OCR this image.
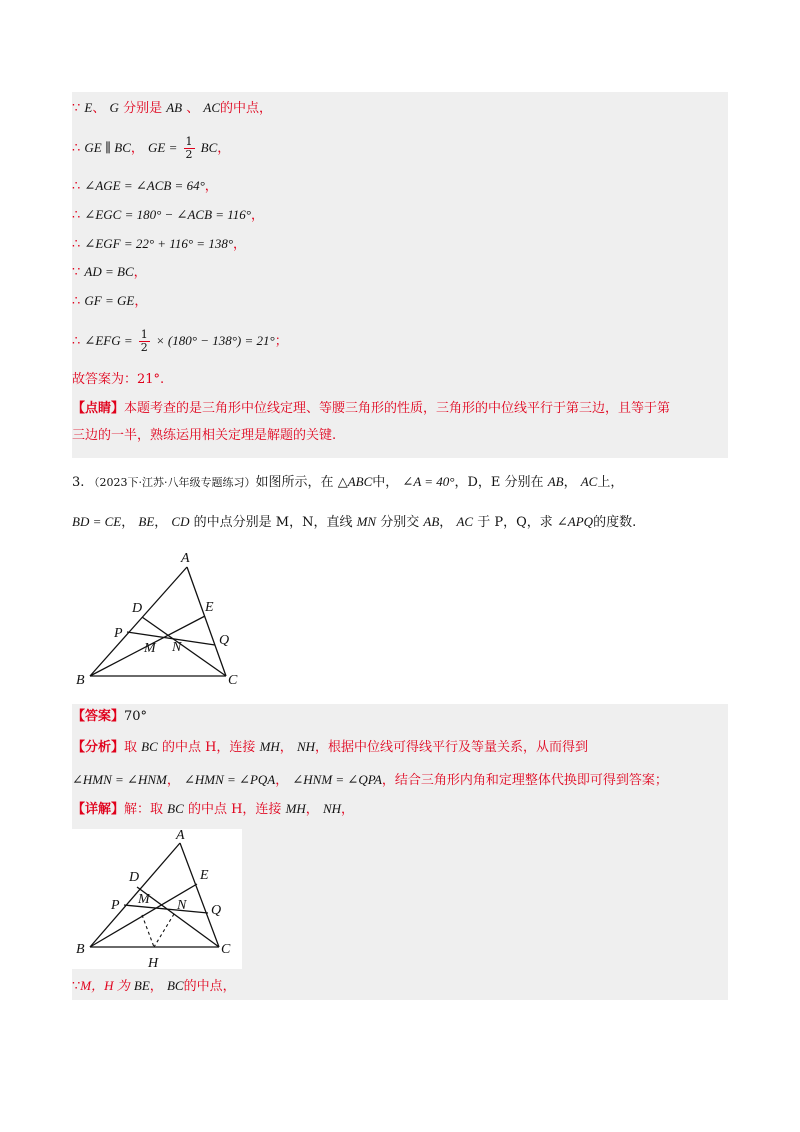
∵ E、 G 分别是 AB 、 AC的中点，
∴ GE ∥ BC， GE = $\frac{1}{2}$ BC，
∴ ∠AGE = ∠ACB = 64°，
∴ ∠EGC = 180° − ∠ACB = 116°，
∴ ∠EGF = 22° + 116° = 138°，
∵ AD = BC，
∴ GF = GE，
∴ ∠EFG = $\frac{1}{2} \times (180^\circ - 138^\circ) = 21^\circ$；
故答案为：21°.
【点睛】本题考查的是三角形中位线定理、等腰三角形的性质，三角形的中位线平行于第三边，且等于第
三边的一半，熟练运用相关定理是解题的关键.
3. （2023下·江苏·八年级专题练习）如图所示，在 △ABC中， ∠A = 40°，D，E 分别在 AB， AC上，
BD = CE， BE， CD 的中点分别是 M，N，直线 MN 分别交 AB， AC 于 P，Q，求 ∠APQ的度数.
A
B	C
D	E
P	Q
M N
【答案】70°
【分析】取 BC 的中点 H，连接 MH， NH，根据中位线可得线平行及等量关系，从而得到
∠HMN = ∠HNM， ∠HMN = ∠PQA， ∠HNM = ∠QPA，结合三角形内角和定理整体代换即可得到答案；
【详解】解：取 BC 的中点 H，连接 MH， NH，
A
B	C
D	E
P	Q
M N
H
∵M，H 为 BE， BC的中点，
